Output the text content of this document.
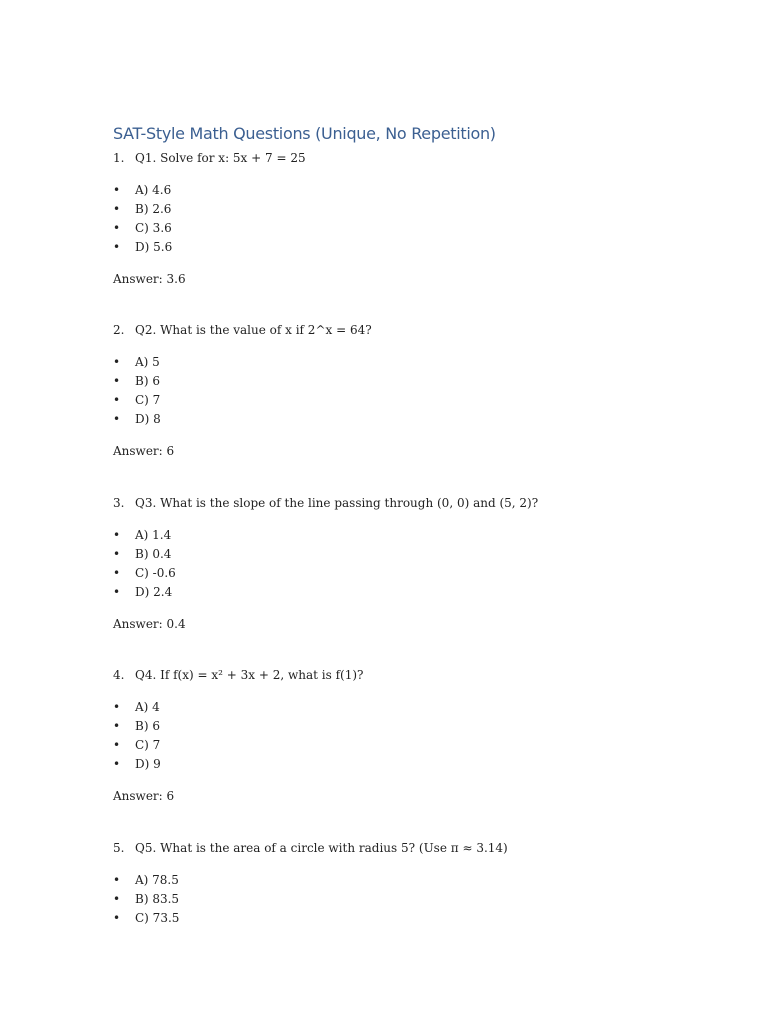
SAT-Style Math Questions (Unique, No Repetition)
1. Q1. Solve for x: 5x + 7 = 25
• A) 4.6
• B) 2.6
• C) 3.6
• D) 5.6
Answer: 3.6
2. Q2. What is the value of x if 2^x = 64?
• A) 5
• B) 6
• C) 7
• D) 8
Answer: 6
3. Q3. What is the slope of the line passing through (0, 0) and (5, 2)?
• A) 1.4
• B) 0.4
• C) -0.6
• D) 2.4
Answer: 0.4
4. Q4. If f(x) = x² + 3x + 2, what is f(1)?
• A) 4
• B) 6
• C) 7
• D) 9
Answer: 6
5. Q5. What is the area of a circle with radius 5? (Use π ≈ 3.14)
• A) 78.5
• B) 83.5
• C) 73.5
